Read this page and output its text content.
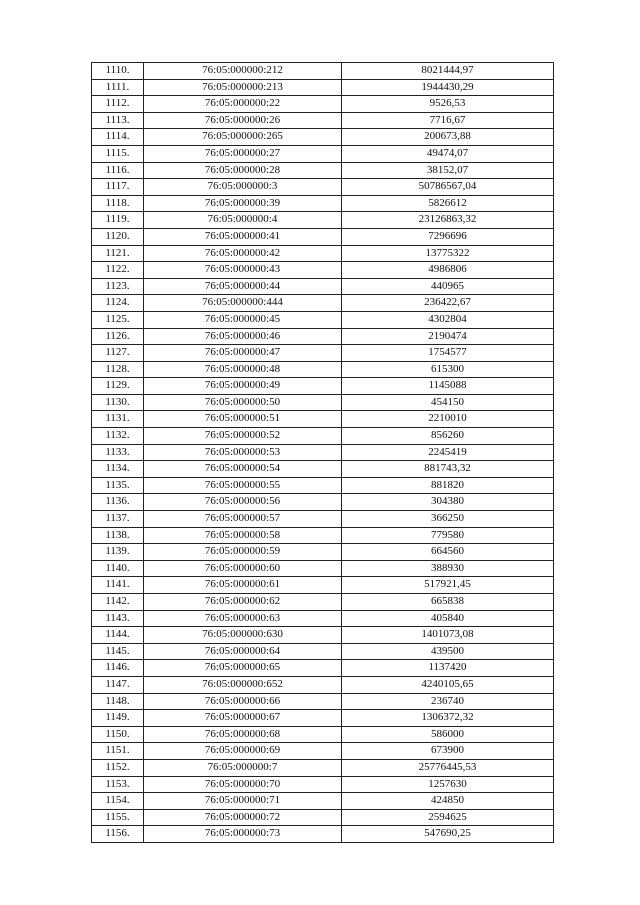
1110.	76:05:000000:212	8021444,97
1111.	76:05:000000:213	1944430,29
1112.	76:05:000000:22	9526,53
1113.	76:05:000000:26	7716,67
1114.	76:05:000000:265	200673,88
1115.	76:05:000000:27	49474,07
1116.	76:05:000000:28	38152,07
1117.	76:05:000000:3	50786567,04
1118.	76:05:000000:39	5826612
1119.	76:05:000000:4	23126863,32
1120.	76:05:000000:41	7296696
1121.	76:05:000000:42	13775322
1122.	76:05:000000:43	4986806
1123.	76:05:000000:44	440965
1124.	76:05:000000:444	236422,67
1125.	76:05:000000:45	4302804
1126.	76:05:000000:46	2190474
1127.	76:05:000000:47	1754577
1128.	76:05:000000:48	615300
1129.	76:05:000000:49	1145088
1130.	76:05:000000:50	454150
1131.	76:05:000000:51	2210010
1132.	76:05:000000:52	856260
1133.	76:05:000000:53	2245419
1134.	76:05:000000:54	881743,32
1135.	76:05:000000:55	881820
1136.	76:05:000000:56	304380
1137.	76:05:000000:57	366250
1138.	76:05:000000:58	779580
1139.	76:05:000000:59	664560
1140.	76:05:000000:60	388930
1141.	76:05:000000:61	517921,45
1142.	76:05:000000:62	665838
1143.	76:05:000000:63	405840
1144.	76:05:000000:630	1401073,08
1145.	76:05:000000:64	439500
1146.	76:05:000000:65	1137420
1147.	76:05:000000:652	4240105,65
1148.	76:05:000000:66	236740
1149.	76:05:000000:67	1306372,32
1150.	76:05:000000:68	586000
1151.	76:05:000000:69	673900
1152.	76:05:000000:7	25776445,53
1153.	76:05:000000:70	1257630
1154.	76:05:000000:71	424850
1155.	76:05:000000:72	2594625
1156.	76:05:000000:73	547690,25
